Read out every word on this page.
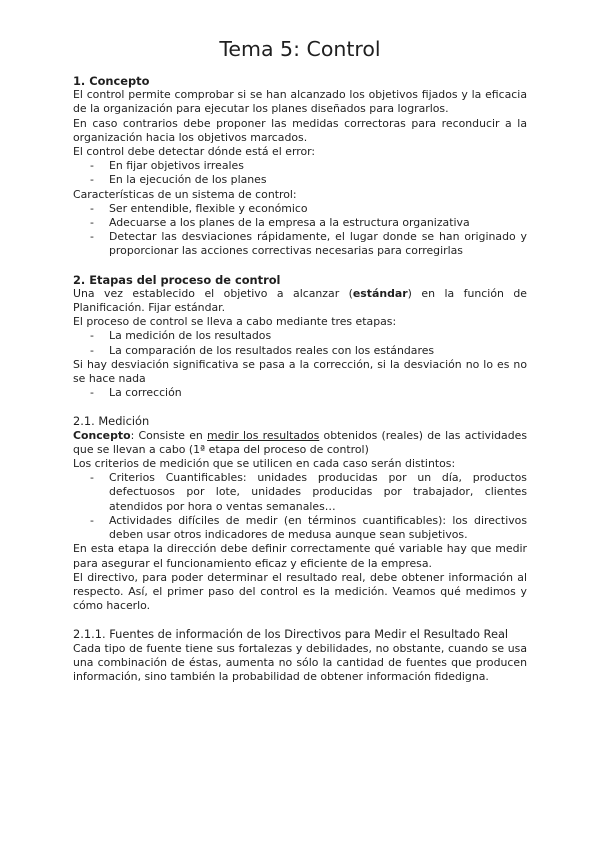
Tema 5: Control
1. Concepto

El control permite comprobar si se han alcanzado los objetivos fijados y la eficacia de la organización para ejecutar los planes diseñados para lograrlos.

En caso contrarios debe proponer las medidas correctoras para reconducir a la organización hacia los objetivos marcados.

El control debe detectar dónde está el error:

- En fijar objetivos irreales
- En la ejecución de los planes

Características de un sistema de control:

- Ser entendible, flexible y económico
- Adecuarse a los planes de la empresa a la estructura organizativa
- Detectar las desviaciones rápidamente, el lugar donde se han originado y proporcionar las acciones correctivas necesarias para corregirlas
2. Etapas del proceso de control

Una vez establecido el objetivo a alcanzar (estándar) en la función de Planificación. Fijar estándar.

El proceso de control se lleva a cabo mediante tres etapas:

- La medición de los resultados
- La comparación de los resultados reales con los estándares

Si hay desviación significativa se pasa a la corrección, si la desviación no lo es no se hace nada

- La corrección
2.1. Medición

Concepto: Consiste en medir los resultados obtenidos (reales) de las actividades que se llevan a cabo (1ª etapa del proceso de control)

Los criterios de medición que se utilicen en cada caso serán distintos:

- Criterios Cuantificables: unidades producidas por un día, productos defectuosos por lote, unidades producidas por trabajador, clientes atendidos por hora o ventas semanales…
- Actividades difíciles de medir (en términos cuantificables): los directivos deben usar otros indicadores de medusa aunque sean subjetivos.

En esta etapa la dirección debe definir correctamente qué variable hay que medir para asegurar el funcionamiento eficaz y eficiente de la empresa.

El directivo, para poder determinar el resultado real, debe obtener información al respecto. Así, el primer paso del control es la medición. Veamos qué medimos y cómo hacerlo.

2.1.1. Fuentes de información de los Directivos para Medir el Resultado Real

Cada tipo de fuente tiene sus fortalezas y debilidades, no obstante, cuando se usa una combinación de éstas, aumenta no sólo la cantidad de fuentes que producen información, sino también la probabilidad de obtener información fidedigna.
